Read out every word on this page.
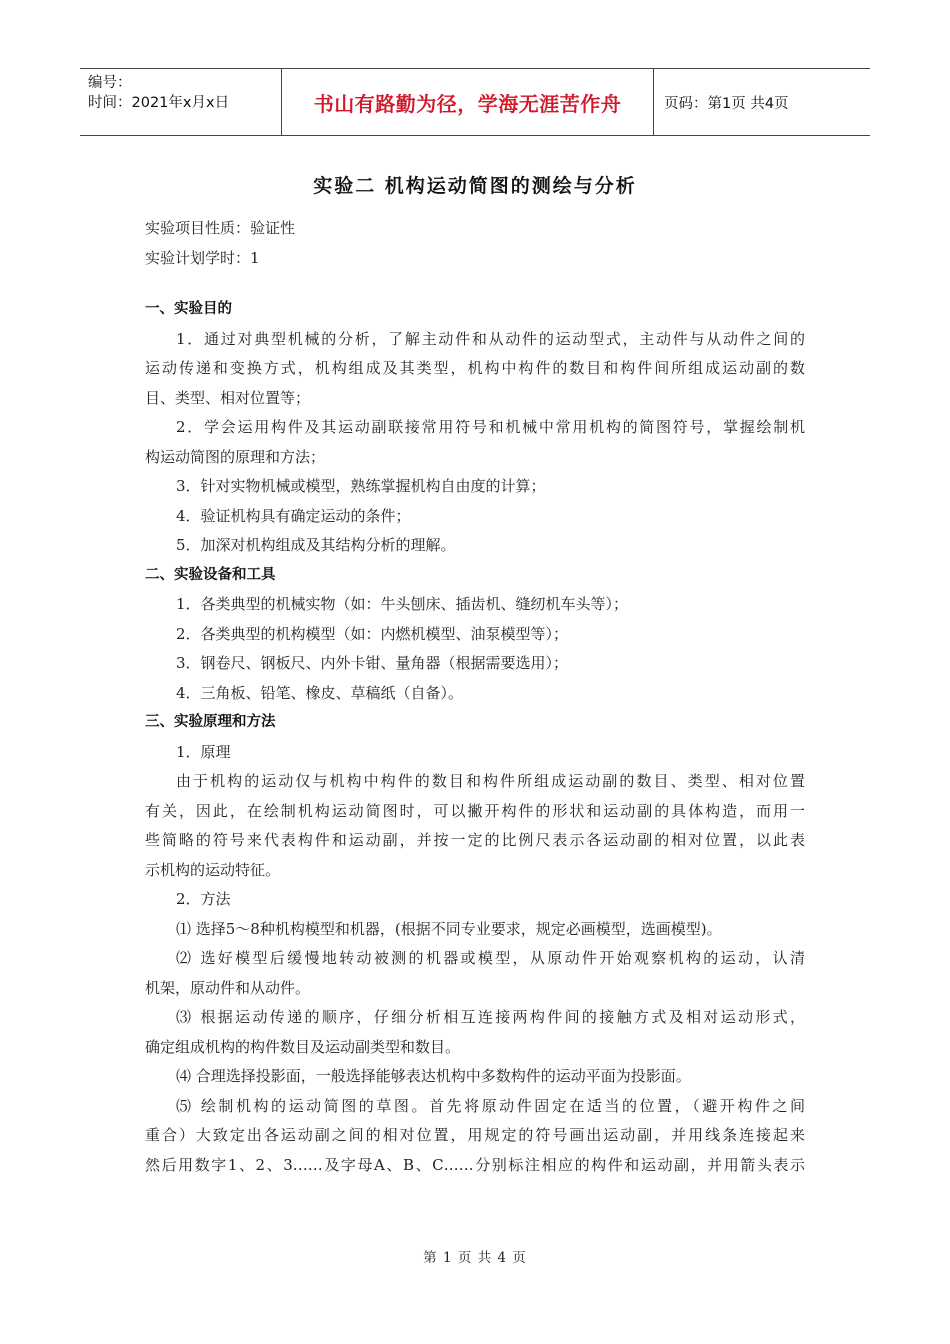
编号：
时间：2021年x月x日	书山有路勤为径，学海无涯苦作舟	页码：第1页 共4页
实验二 机构运动简图的测绘与分析
实验项目性质：验证性
实验计划学时：1
一、实验目的
1．通过对典型机械的分析，了解主动件和从动件的运动型式，主动件与从动件之间的
运动传递和变换方式，机构组成及其类型，机构中构件的数目和构件间所组成运动副的数
目、类型、相对位置等；
2．学会运用构件及其运动副联接常用符号和机械中常用机构的简图符号，掌握绘制机
构运动简图的原理和方法；
3．针对实物机械或模型，熟练掌握机构自由度的计算；
4．验证机构具有确定运动的条件；
5．加深对机构组成及其结构分析的理解。
二、实验设备和工具
1．各类典型的机械实物（如：牛头刨床、插齿机、缝纫机车头等）；
2．各类典型的机构模型（如：内燃机模型、油泵模型等）；
3．钢卷尺、钢板尺、内外卡钳、量角器（根据需要选用）；
4．三角板、铅笔、橡皮、草稿纸（自备）。
三、实验原理和方法
1．原理
由于机构的运动仅与机构中构件的数目和构件所组成运动副的数目、类型、相对位置
有关，因此，在绘制机构运动简图时，可以撇开构件的形状和运动副的具体构造，而用一
些简略的符号来代表构件和运动副，并按一定的比例尺表示各运动副的相对位置，以此表
示机构的运动特征。
2．方法
⑴ 选择5～8种机构模型和机器，(根据不同专业要求，规定必画模型，选画模型)。
⑵ 选好模型后缓慢地转动被测的机器或模型，从原动件开始观察机构的运动，认清
机架，原动件和从动件。
⑶ 根据运动传递的顺序，仔细分析相互连接两构件间的接触方式及相对运动形式，
确定组成机构的构件数目及运动副类型和数目。
⑷ 合理选择投影面，一般选择能够表达机构中多数构件的运动平面为投影面。
⑸ 绘制机构的运动简图的草图。首先将原动件固定在适当的位置，（避开构件之间
重合）大致定出各运动副之间的相对位置，用规定的符号画出运动副，并用线条连接起来
然后用数字1、2、3……及字母A、B、C……分别标注相应的构件和运动副，并用箭头表示
第 1 页 共 4 页
